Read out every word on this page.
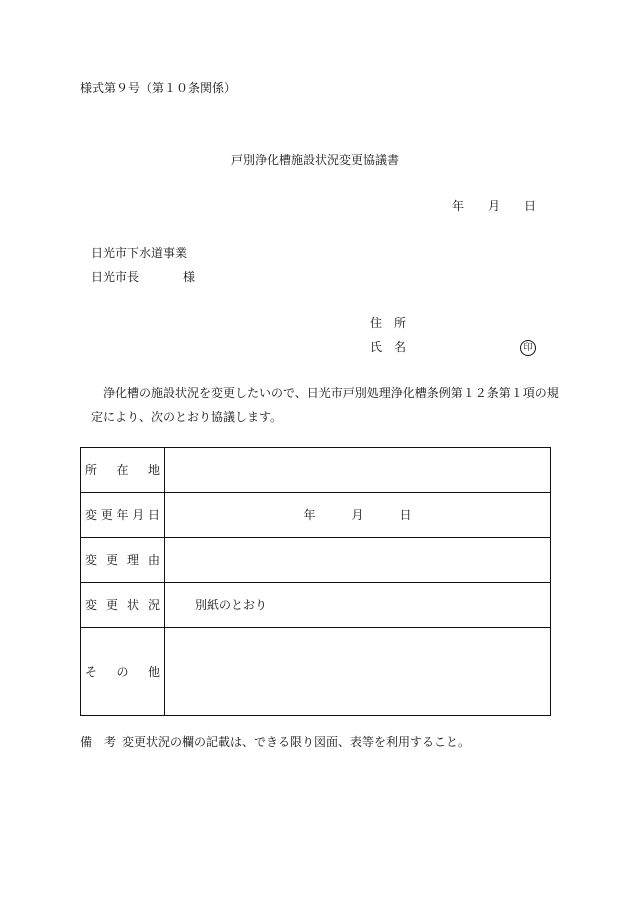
様式第９号（第１０条関係）
戸別浄化槽施設状況変更協議書
年　　月　　日
日光市下水道事業
日光市長	様
住　所
氏　名	印
浄化槽の施設状況を変更したいので、日光市戸別処理浄化槽条例第１２条第１項の規
定により、次のとおり協議します。
所 在 地
変 更 年 月 日	年　　　月　　　日
変 更 理 由
変 更 状 況	別紙のとおり
そ の 他
備　考 変更状況の欄の記載は、できる限り図面、表等を利用すること。
